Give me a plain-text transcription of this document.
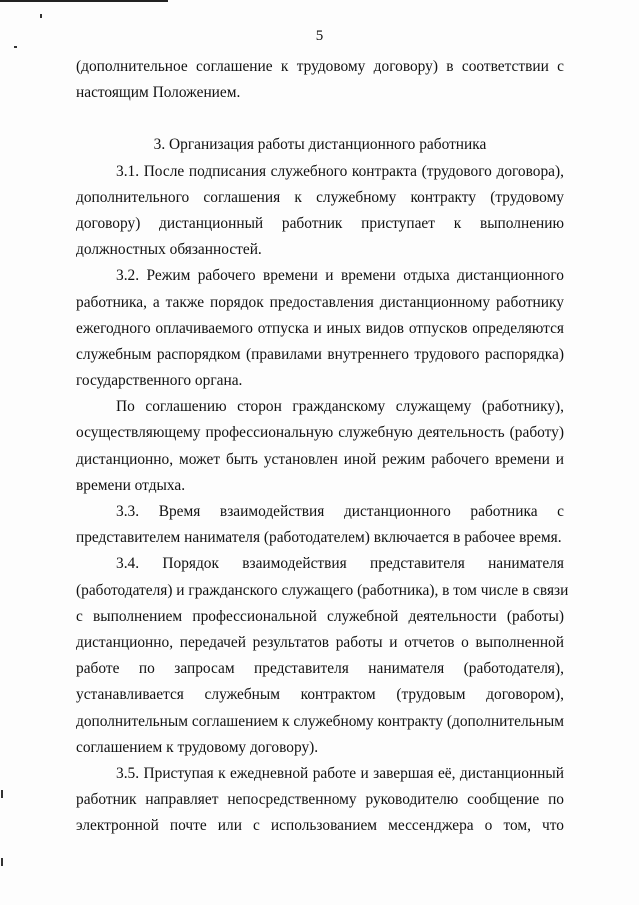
5
(дополнительное соглашение к трудовому договору) в соответствии с
настоящим Положением.
3. Организация работы дистанционного работника
3.1. После подписания служебного контракта (трудового договора),
дополнительного соглашения к служебному контракту (трудовому
договору) дистанционный работник приступает к выполнению
должностных обязанностей.
3.2. Режим рабочего времени и времени отдыха дистанционного
работника, а также порядок предоставления дистанционному работнику
ежегодного оплачиваемого отпуска и иных видов отпусков определяются
служебным распорядком (правилами внутреннего трудового распорядка)
государственного органа.
По соглашению сторон гражданскому служащему (работнику),
осуществляющему профессиональную служебную деятельность (работу)
дистанционно, может быть установлен иной режим рабочего времени и
времени отдыха.
3.3. Время взаимодействия дистанционного работника с
представителем нанимателя (работодателем) включается в рабочее время.
3.4. Порядок взаимодействия представителя нанимателя
(работодателя) и гражданского служащего (работника), в том числе в связи
с выполнением профессиональной служебной деятельности (работы)
дистанционно, передачей результатов работы и отчетов о выполненной
работе по запросам представителя нанимателя (работодателя),
устанавливается служебным контрактом (трудовым договором),
дополнительным соглашением к служебному контракту (дополнительным
соглашением к трудовому договору).
3.5. Приступая к ежедневной работе и завершая её, дистанционный
работник направляет непосредственному руководителю сообщение по
электронной почте или с использованием мессенджера о том, что
